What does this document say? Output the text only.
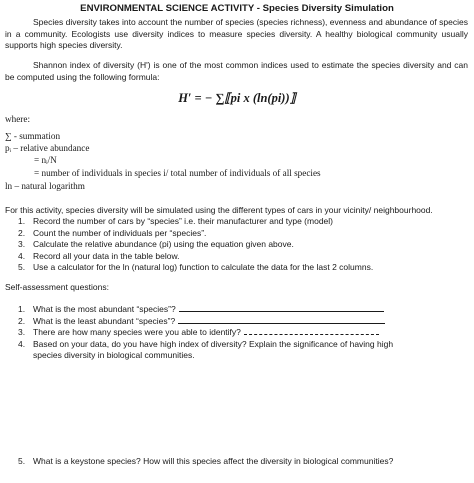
ENVIRONMENTAL SCIENCE ACTIVITY - Species Diversity Simulation
Species diversity takes into account the number of species (species richness), evenness and abundance of species in a community. Ecologists use diversity indices to measure species diversity. A healthy biological community usually supports high species diversity.
Shannon index of diversity (H') is one of the most common indices used to estimate the species diversity and can be computed using the following formula:
H′ = − ∑⟦pi x (ln(pi))⟧
where:
∑ - summation
pᵢ – relative abundance
= nᵢ/N
= number of individuals in species i/ total number of individuals of all species
ln – natural logarithm
For this activity, species diversity will be simulated using the different types of cars in your vicinity/ neighbourhood.
1. Record the number of cars by “species” i.e. their manufacturer and type (model)
2. Count the number of individuals per “species”.
3. Calculate the relative abundance (pi) using the equation given above.
4. Record all your data in the table below.
5. Use a calculator for the ln (natural log) function to calculate the data for the last 2 columns.
Self-assessment questions:
1. What is the most abundant “species”?
2. What is the least abundant “species”?
3. There are how many species were you able to identify?
4. Based on your data, do you have high index of diversity? Explain the significance of having high
species diversity in biological communities.
5. What is a keystone species? How will this species affect the diversity in biological communities?
